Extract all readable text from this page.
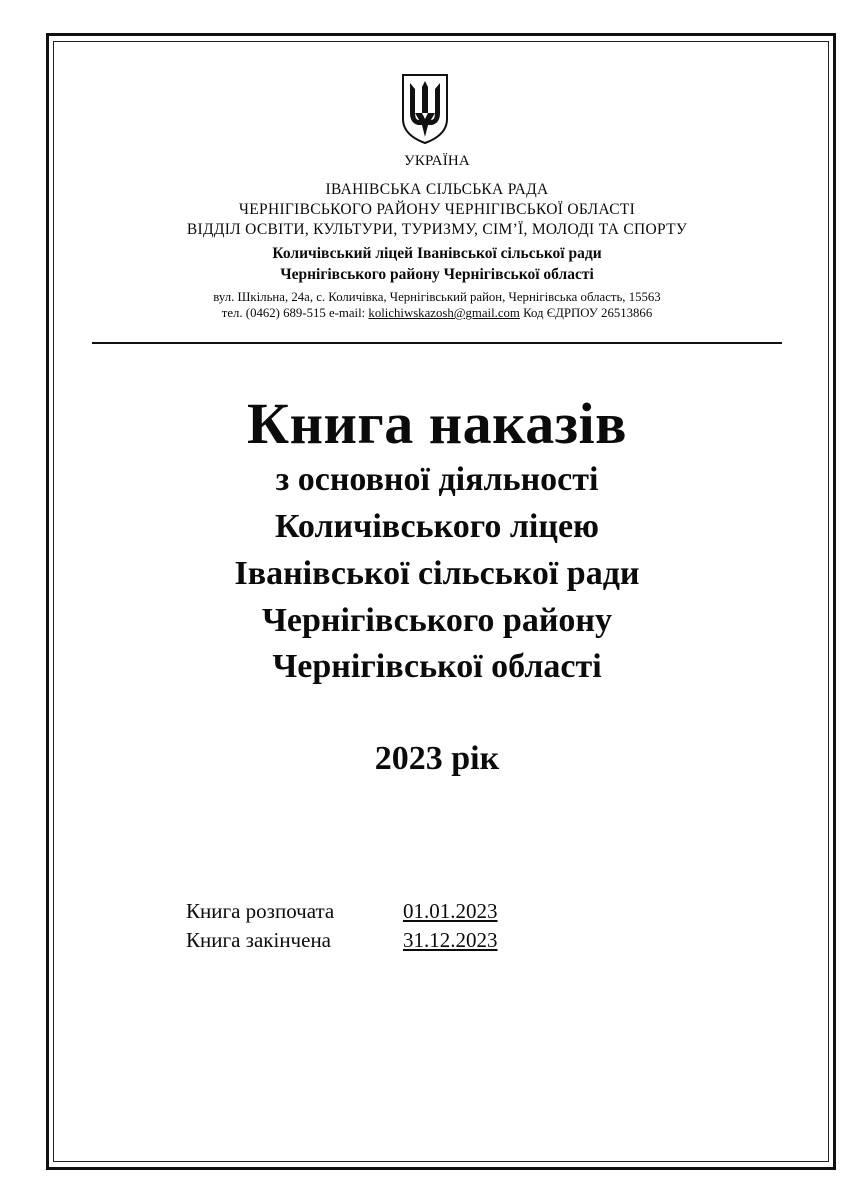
УКРАЇНА
ІВАНІВСЬКА СІЛЬСЬКА РАДА
ЧЕРНІГІВСЬКОГО РАЙОНУ ЧЕРНІГІВСЬКОЇ ОБЛАСТІ
ВІДДІЛ ОСВІТИ, КУЛЬТУРИ, ТУРИЗМУ, СІМ’Ї, МОЛОДІ ТА СПОРТУ
Количівський ліцей Іванівської сільської ради
Чернігівського району Чернігівської області
вул. Шкільна, 24а, с. Количівка, Чернігівський район, Чернігівська область, 15563
тел. (0462) 689-515 e-mail: kolichiwskazosh@gmail.com Код ЄДРПОУ 26513866
Книга наказів
з основної діяльності
Количівського ліцею
Іванівської сільської ради
Чернігівського району
Чернігівської області
2023 рік
Книга розпочата	01.01.2023
Книга закінчена	31.12.2023
